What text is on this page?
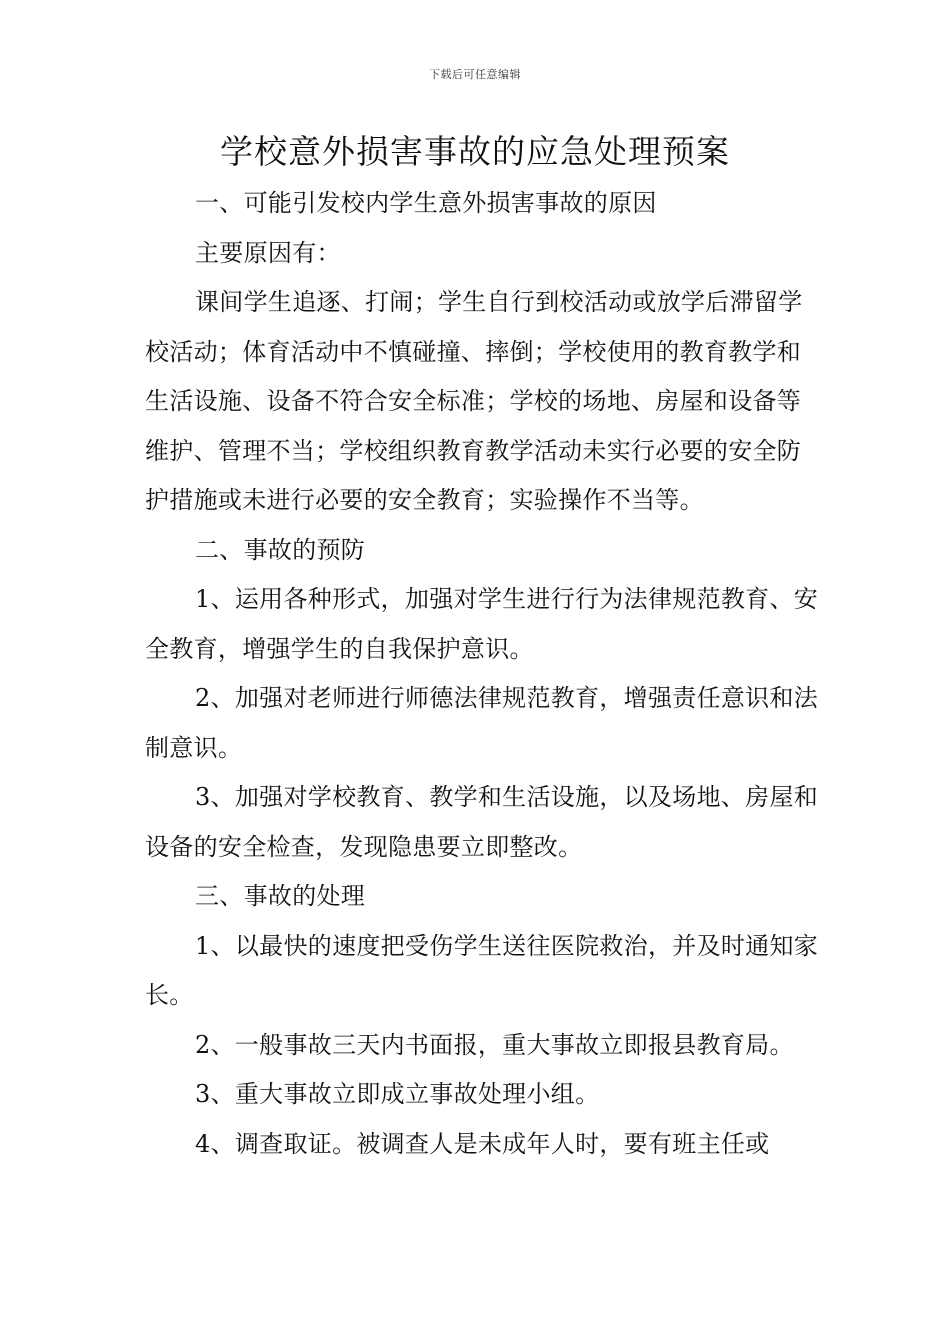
下载后可任意编辑
学校意外损害事故的应急处理预案

一、可能引发校内学生意外损害事故的原因

主要原因有：

课间学生追逐、打闹；学生自行到校活动或放学后滞留学校活动；体育活动中不慎碰撞、摔倒；学校使用的教育教学和生活设施、设备不符合安全标准；学校的场地、房屋和设备等维护、管理不当；学校组织教育教学活动未实行必要的安全防护措施或未进行必要的安全教育；实验操作不当等。

二、事故的预防

1、运用各种形式，加强对学生进行行为法律规范教育、安全教育，增强学生的自我保护意识。

2、加强对老师进行师德法律规范教育，增强责任意识和法制意识。

3、加强对学校教育、教学和生活设施，以及场地、房屋和设备的安全检查，发现隐患要立即整改。

三、事故的处理

1、以最快的速度把受伤学生送往医院救治，并及时通知家长。

2、一般事故三天内书面报，重大事故立即报县教育局。

3、重大事故立即成立事故处理小组。

4、调查取证。被调查人是未成年人时，要有班主任或
